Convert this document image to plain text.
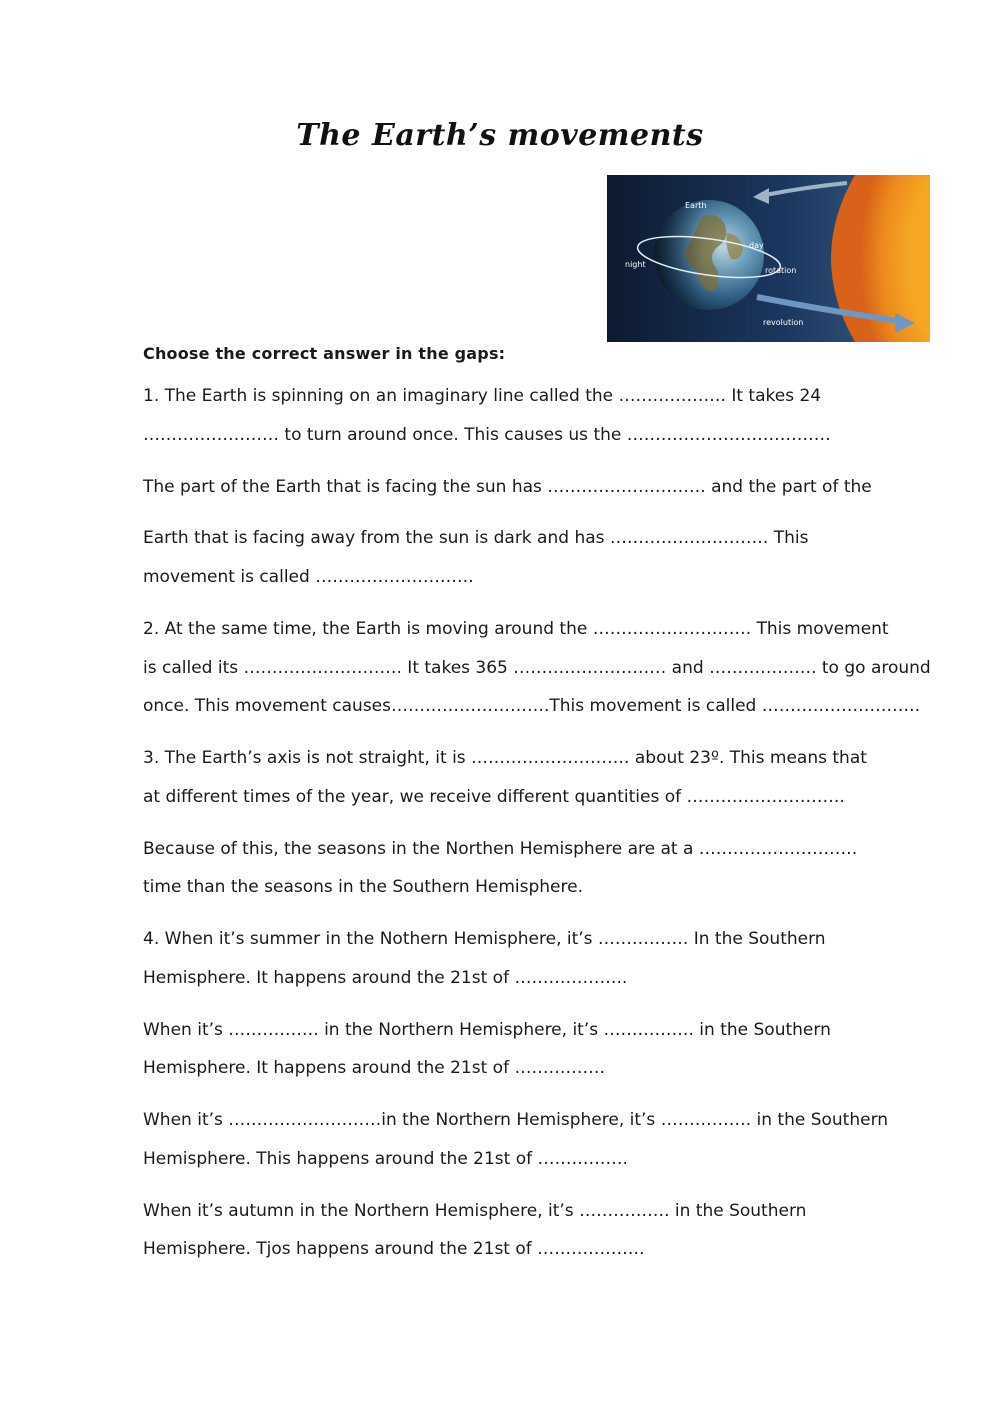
The Earth’s movements
Earth
day
night
rotation
revolution

Choose the correct answer in the gaps:

1. The Earth is spinning on an imaginary line called the ………………. It takes 24

…………………… to turn around once. This causes us the ………………………………

The part of the Earth that is facing the sun has ………………………. and the part of the

Earth that is facing away from the sun is dark and has ………………………. This

movement is called ……………………….

2. At the same time, the Earth is moving around the ………………………. This movement

is called its ………………………. It takes 365 ……………………… and ………………. to go around

once. This movement causes……………………….This movement is called ……………………….

3. The Earth’s axis is not straight, it is ………………………. about 23º. This means that

at different times of the year, we receive different quantities of ……………………….

Because of this, the seasons in the Northen Hemisphere are at a ……………………….

time than the seasons in the Southern Hemisphere.

4. When it’s summer in the Nothern Hemisphere, it’s ……………. In the Southern

Hemisphere. It happens around the 21st of ………………..

When it’s ……………. in the Northern Hemisphere, it’s ……………. in the Southern

Hemisphere. It happens around the 21st of …………….

When it’s ………………………in the Northern Hemisphere, it’s ……………. in the Southern

Hemisphere. This happens around the 21st of …………….

When it’s autumn in the Northern Hemisphere, it’s ……………. in the Southern

Hemisphere. Tjos happens around the 21st of ……………….
